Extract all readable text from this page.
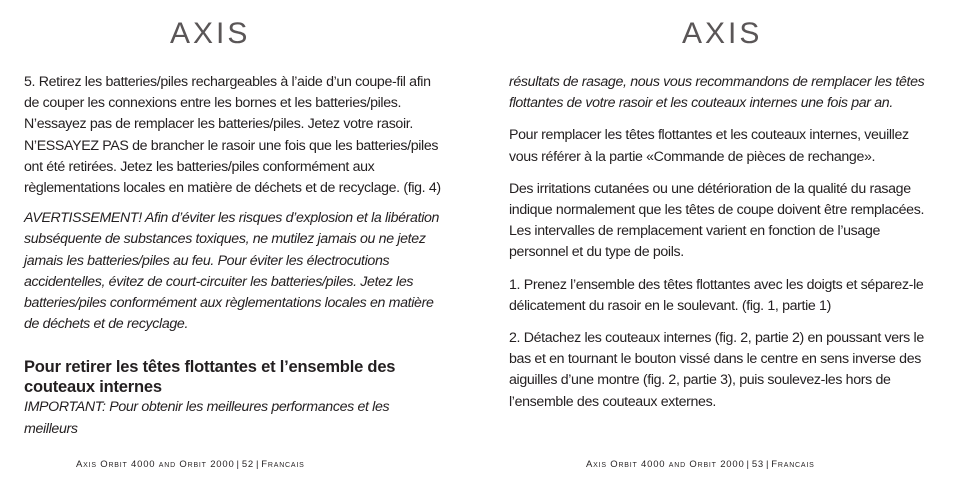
AXIS

5. Retirez les batteries/piles rechargeables à l’aide d’un coupe-fil afin de couper les connexions entre les bornes et les batteries/piles. N’essayez pas de remplacer les batteries/piles. Jetez votre rasoir. N’ESSAYEZ PAS de brancher le rasoir une fois que les batteries/piles ont été retirées. Jetez les batteries/piles conformément aux règlementations locales en matière de déchets et de recyclage. (fig. 4)

AVERTISSEMENT! Afin d’éviter les risques d’explosion et la libération subséquente de substances toxiques, ne mutilez jamais ou ne jetez jamais les batteries/piles au feu. Pour éviter les électrocutions accidentelles, évitez de court-circuiter les batteries/piles. Jetez les batteries/piles conformément aux règlementations locales en matière de déchets et de recyclage.

Pour retirer les têtes flottantes et l’ensemble des couteaux internes

IMPORTANT: Pour obtenir les meilleures performances et les meilleurs

Axis Orbit 4000 and Orbit 2000 | 52 | Francais
AXIS

résultats de rasage, nous vous recommandons de remplacer les têtes flottantes de votre rasoir et les couteaux internes une fois par an.

Pour remplacer les têtes flottantes et les couteaux internes, veuillez vous référer à la partie «Commande de pièces de rechange».

Des irritations cutanées ou une détérioration de la qualité du rasage indique normalement que les têtes de coupe doivent être remplacées. Les intervalles de remplacement varient en fonction de l’usage personnel et du type de poils.

1. Prenez l’ensemble des têtes flottantes avec les doigts et séparez-le délicatement du rasoir en le soulevant. (fig. 1, partie 1)

2. Détachez les couteaux internes (fig. 2, partie 2) en poussant vers le bas et en tournant le bouton vissé dans le centre en sens inverse des aiguilles d’une montre (fig. 2, partie 3), puis soulevez-les hors de l’ensemble des couteaux externes.

Axis Orbit 4000 and Orbit 2000 | 53 | Francais
